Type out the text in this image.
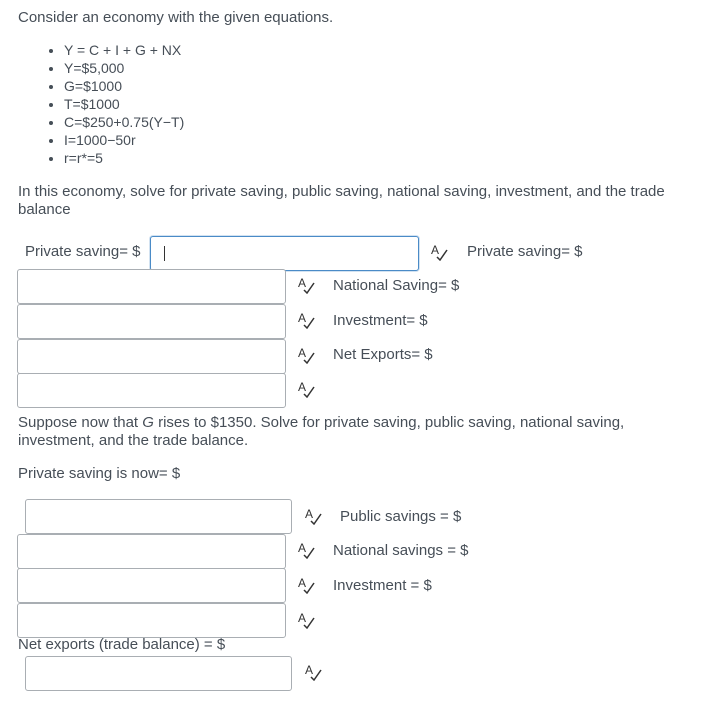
Consider an economy with the given equations.
• Y = C + I + G + NX
• Y=$5,000
• G=$1000
• T=$1000
• C=$250+0.75(Y−T)
• I=1000−50r
• r=r*=5
In this economy, solve for private saving, public saving, national saving, investment, and the trade balance
Private saving= $	A Private saving= $
A National Saving= $
A Investment= $
A Net Exports= $
A
Suppose now that G rises to $1350. Solve for private saving, public saving, national saving, investment, and the trade balance.
Private saving is now= $
A Public savings = $
A National savings = $
A Investment = $
A
Net exports (trade balance) = $
A
